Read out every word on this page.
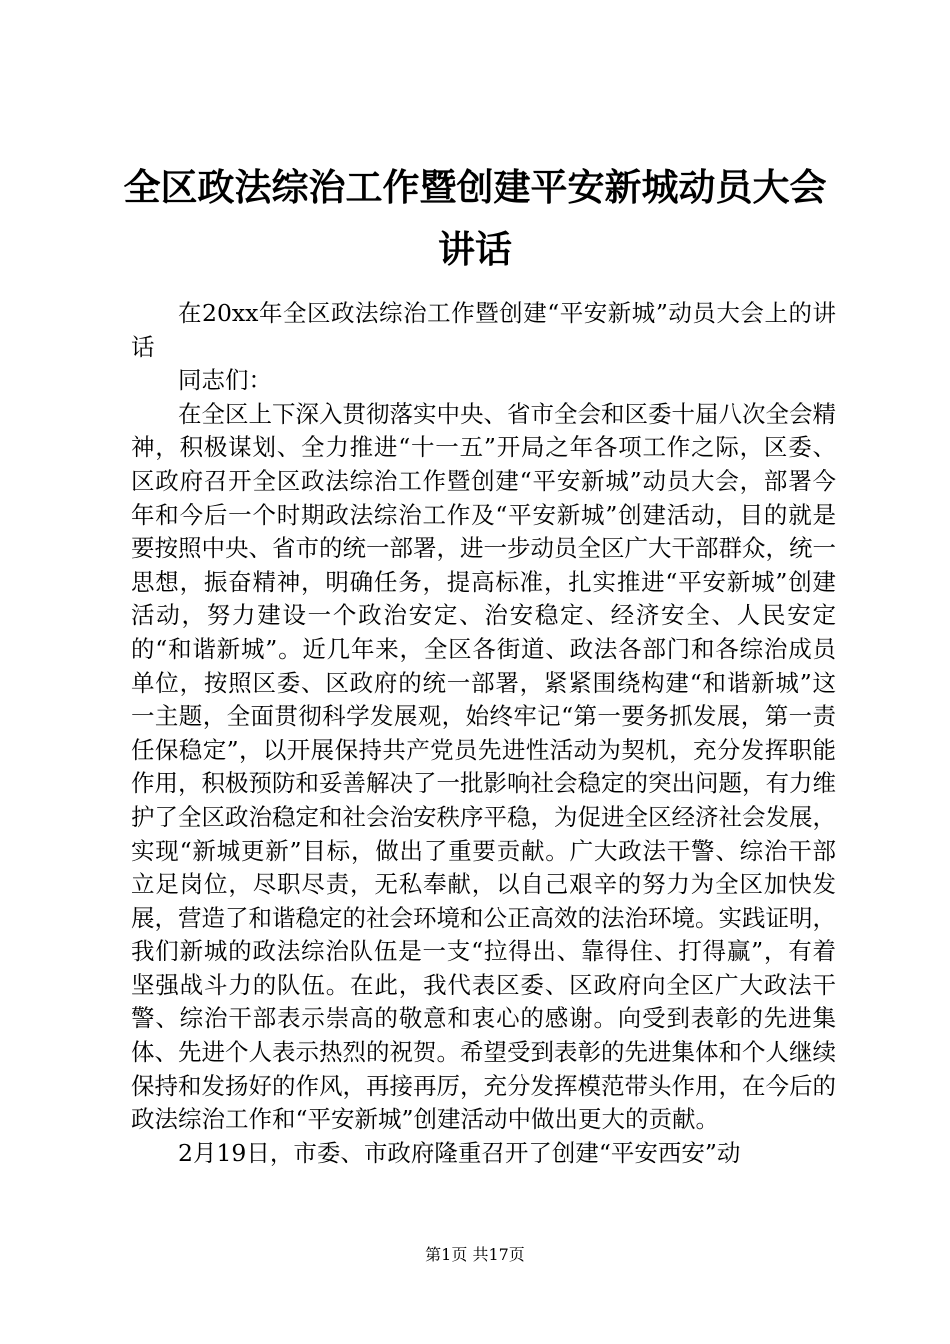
全区政法综治工作暨创建平安新城动员大会讲话

在20xx年全区政法综治工作暨创建“平安新城”动员大会上的讲话

同志们：

在全区上下深入贯彻落实中央、省市全会和区委十届八次全会精神，积极谋划、全力推进“十一五”开局之年各项工作之际，区委、区政府召开全区政法综治工作暨创建“平安新城”动员大会，部署今年和今后一个时期政法综治工作及“平安新城”创建活动，目的就是要按照中央、省市的统一部署，进一步动员全区广大干部群众，统一思想，振奋精神，明确任务，提高标准，扎实推进“平安新城”创建活动，努力建设一个政治安定、治安稳定、经济安全、人民安定的“和谐新城”。近几年来，全区各街道、政法各部门和各综治成员单位，按照区委、区政府的统一部署，紧紧围绕构建“和谐新城”这一主题，全面贯彻科学发展观，始终牢记“第一要务抓发展，第一责任保稳定”，以开展保持共产党员先进性活动为契机，充分发挥职能作用，积极预防和妥善解决了一批影响社会稳定的突出问题，有力维护了全区政治稳定和社会治安秩序平稳，为促进全区经济社会发展，实现“新城更新”目标，做出了重要贡献。广大政法干警、综治干部立足岗位，尽职尽责，无私奉献，以自己艰辛的努力为全区加快发展，营造了和谐稳定的社会环境和公正高效的法治环境。实践证明，我们新城的政法综治队伍是一支“拉得出、靠得住、打得赢”，有着坚强战斗力的队伍。在此，我代表区委、区政府向全区广大政法干警、综治干部表示崇高的敬意和衷心的感谢。向受到表彰的先进集体、先进个人表示热烈的祝贺。希望受到表彰的先进集体和个人继续保持和发扬好的作风，再接再厉，充分发挥模范带头作用，在今后的政法综治工作和“平安新城”创建活动中做出更大的贡献。

2月19日，市委、市政府隆重召开了创建“平安西安”动

第1页 共17页
